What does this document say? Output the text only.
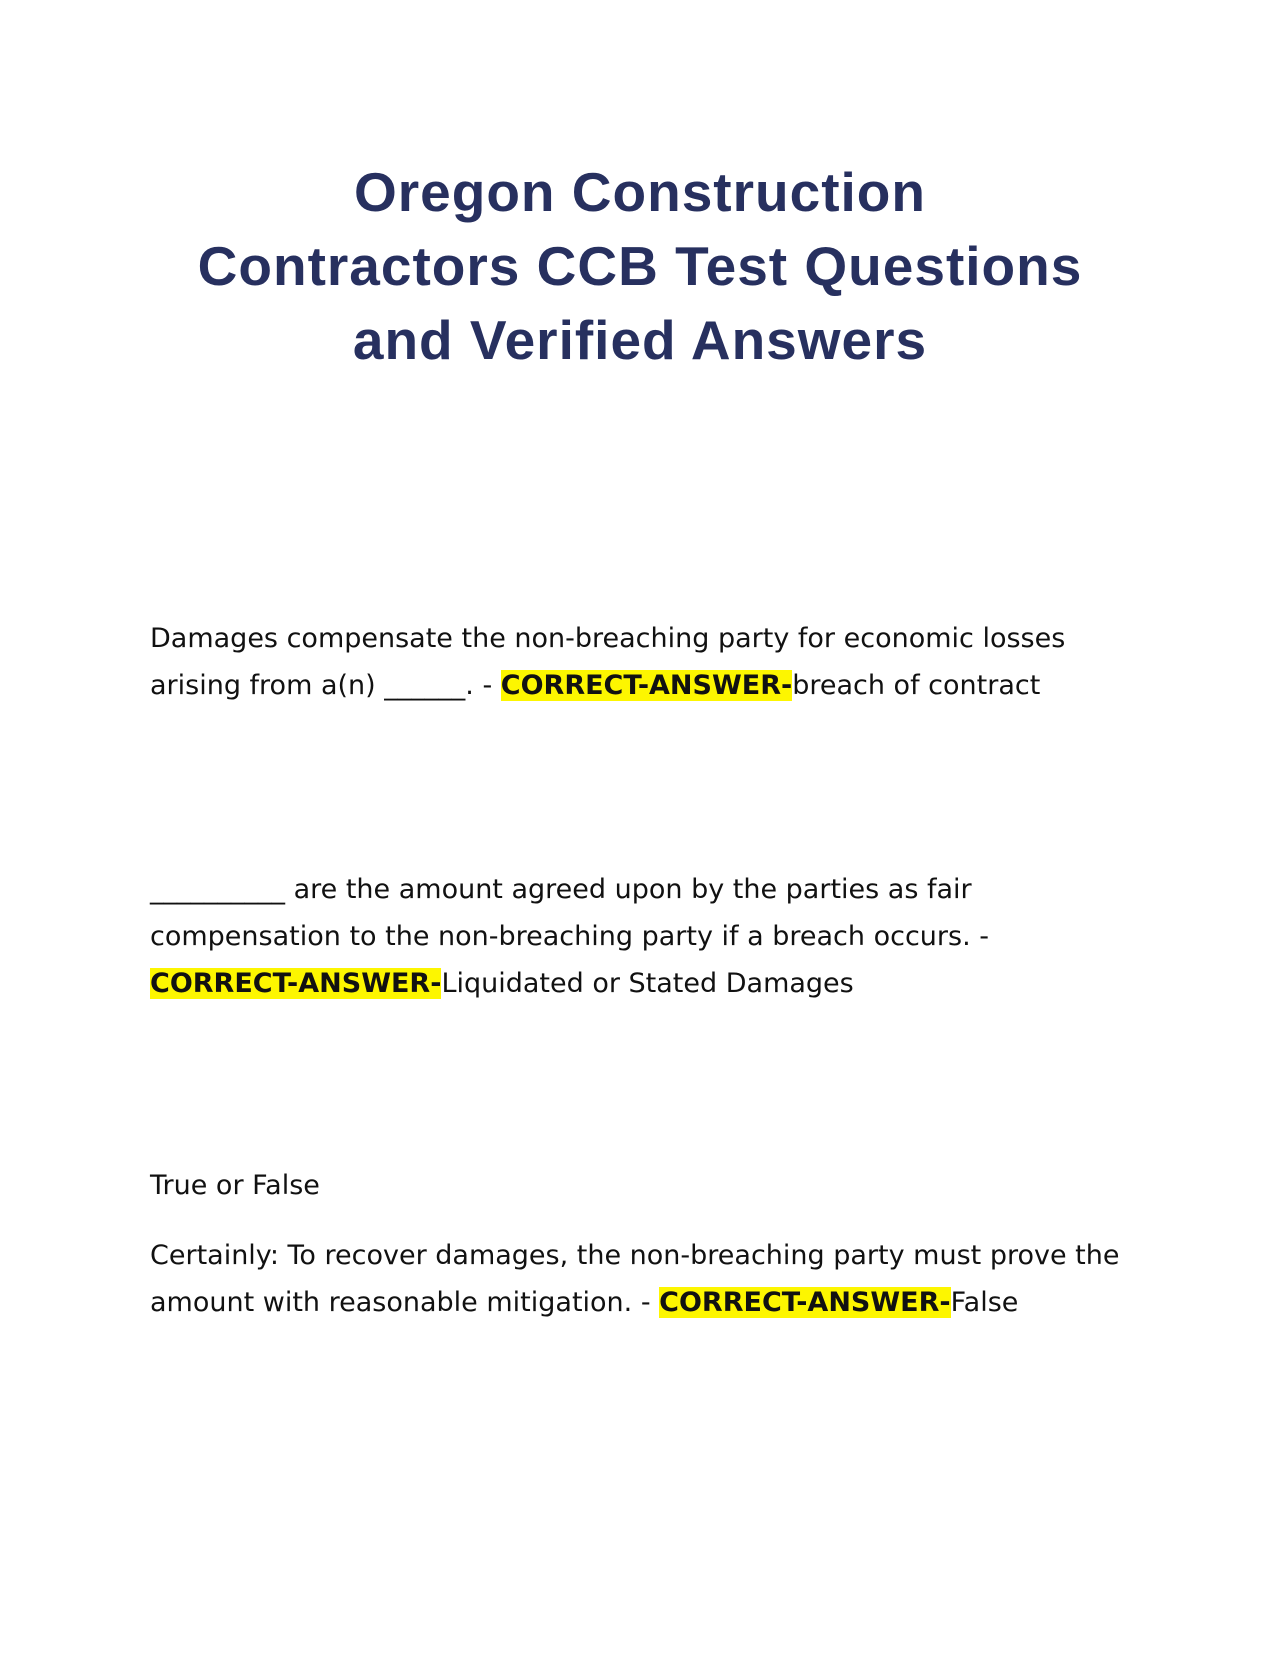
Oregon Construction
Contractors CCB Test Questions
and Verified Answers
Damages compensate the non-breaching party for economic losses
arising from a(n) ______. - CORRECT-ANSWER-breach of contract
__________ are the amount agreed upon by the parties as fair
compensation to the non-breaching party if a breach occurs. -
CORRECT-ANSWER-Liquidated or Stated Damages
True or False
Certainly: To recover damages, the non-breaching party must prove the
amount with reasonable mitigation. - CORRECT-ANSWER-False
